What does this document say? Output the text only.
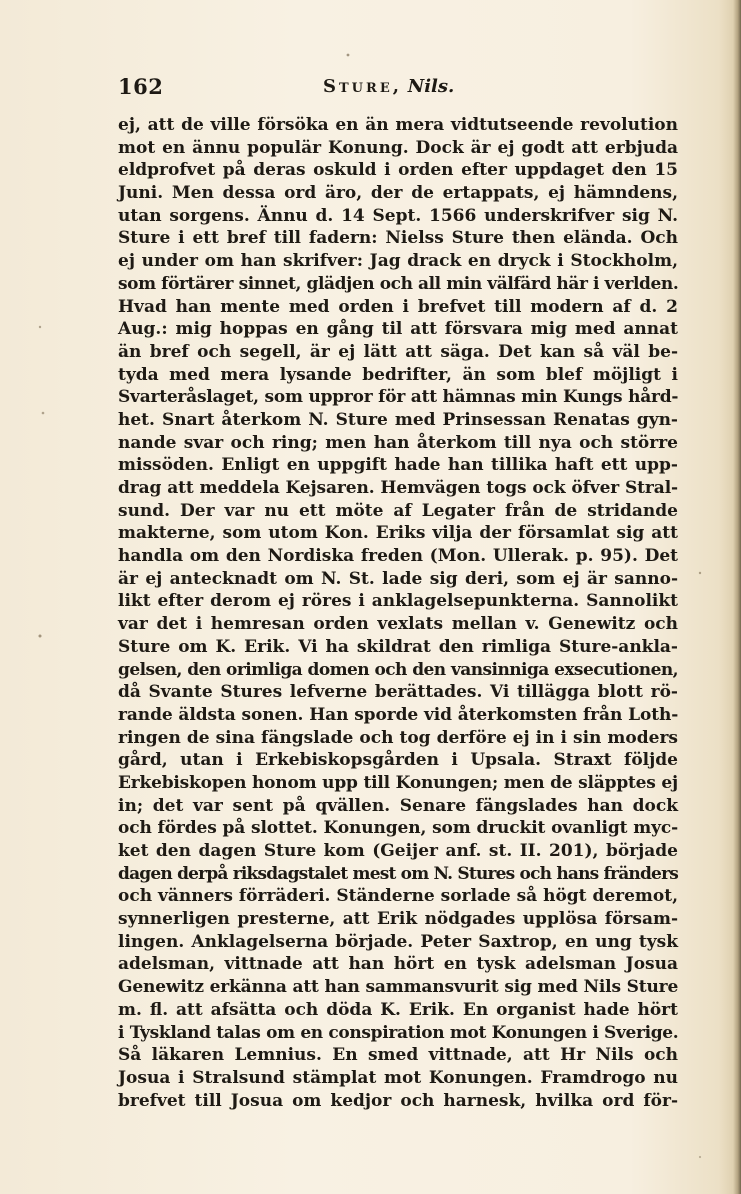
162	Sture, Nils.
ej, att de ville försöka en än mera vidtutseende revolution
mot en ännu populär Konung. Dock är ej godt att erbjuda
eldprofvet på deras oskuld i orden efter uppdaget den 15
Juni. Men dessa ord äro, der de ertappats, ej hämndens,
utan sorgens. Ännu d. 14 Sept. 1566 underskrifver sig N.
Sture i ett bref till fadern: Nielss Sture then elända. Och
ej under om han skrifver: Jag drack en dryck i Stockholm,
som förtärer sinnet, glädjen och all min välfärd här i verlden.
Hvad han mente med orden i brefvet till modern af d. 2
Aug.: mig hoppas en gång til att försvara mig med annat
än bref och segell, är ej lätt att säga. Det kan så väl be-
tyda med mera lysande bedrifter, än som blef möjligt i
Svarteråslaget, som uppror för att hämnas min Kungs hård-
het. Snart återkom N. Sture med Prinsessan Renatas gyn-
nande svar och ring; men han återkom till nya och större
missöden. Enligt en uppgift hade han tillika haft ett upp-
drag att meddela Kejsaren. Hemvägen togs ock öfver Stral-
sund. Der var nu ett möte af Legater från de stridande
makterne, som utom Kon. Eriks vilja der församlat sig att
handla om den Nordiska freden (Mon. Ullerak. p. 95). Det
är ej antecknadt om N. St. lade sig deri, som ej är sanno-
likt efter derom ej röres i anklagelsepunkterna. Sannolikt
var det i hemresan orden vexlats mellan v. Genewitz och
Sture om K. Erik. Vi ha skildrat den rimliga Sture-ankla-
gelsen, den orimliga domen och den vansinniga exsecutionen,
då Svante Stures lefverne berättades. Vi tillägga blott rö-
rande äldsta sonen. Han sporde vid återkomsten från Loth-
ringen de sina fängslade och tog derföre ej in i sin moders
gård, utan i Erkebiskopsgården i Upsala. Straxt följde
Erkebiskopen honom upp till Konungen; men de släpptes ej
in; det var sent på qvällen. Senare fängslades han dock
och fördes på slottet. Konungen, som druckit ovanligt myc-
ket den dagen Sture kom (Geijer anf. st. II. 201), började
dagen derpå riksdagstalet mest om N. Stures och hans fränders
och vänners förräderi. Ständerne sorlade så högt deremot,
synnerligen presterne, att Erik nödgades upplösa försam-
lingen. Anklagelserna började. Peter Saxtrop, en ung tysk
adelsman, vittnade att han hört en tysk adelsman Josua
Genewitz erkänna att han sammansvurit sig med Nils Sture
m. fl. att afsätta och döda K. Erik. En organist hade hört
i Tyskland talas om en conspiration mot Konungen i Sverige.
Så läkaren Lemnius. En smed vittnade, att Hr Nils och
Josua i Stralsund stämplat mot Konungen. Framdrogo nu
brefvet till Josua om kedjor och harnesk, hvilka ord för-
